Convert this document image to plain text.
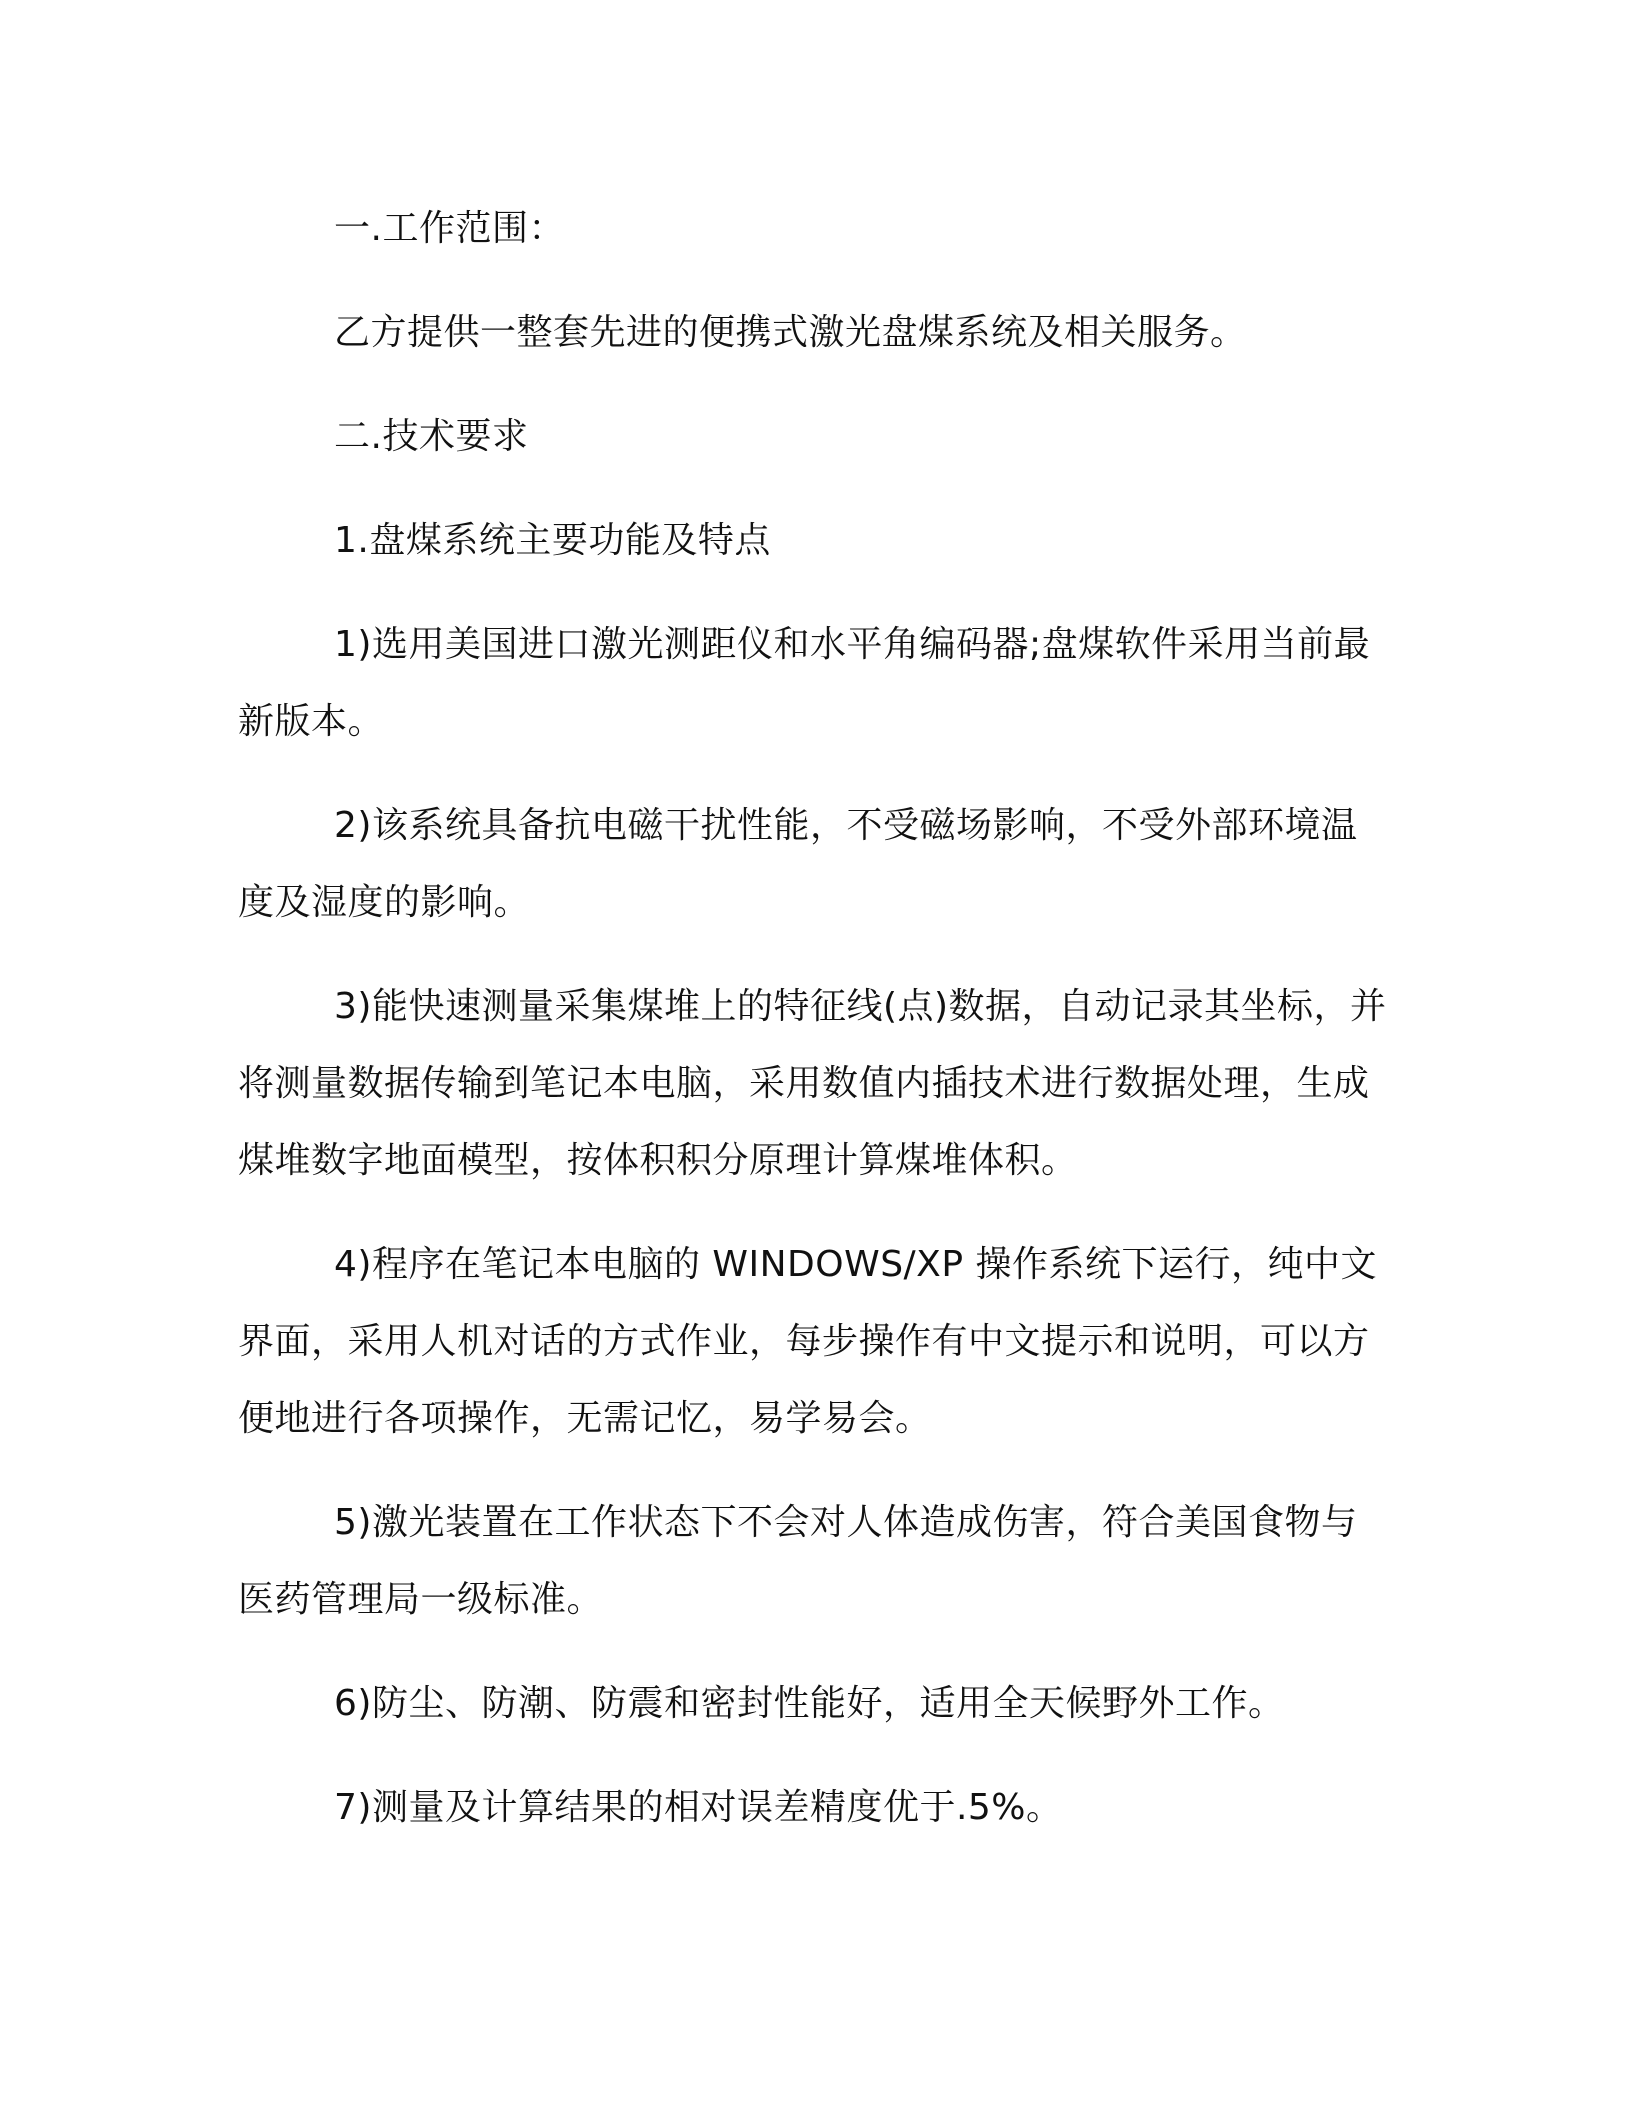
一.工作范围：

乙方提供一整套先进的便携式激光盘煤系统及相关服务。

二.技术要求

1.盘煤系统主要功能及特点

1)选用美国进口激光测距仪和水平角编码器;盘煤软件采用当前最新版本。

2)该系统具备抗电磁干扰性能，不受磁场影响，不受外部环境温度及湿度的影响。

3)能快速测量采集煤堆上的特征线(点)数据，自动记录其坐标，并将测量数据传输到笔记本电脑，采用数值内插技术进行数据处理，生成煤堆数字地面模型，按体积积分原理计算煤堆体积。

4)程序在笔记本电脑的 WINDOWS/XP 操作系统下运行，纯中文界面，采用人机对话的方式作业，每步操作有中文提示和说明，可以方便地进行各项操作，无需记忆，易学易会。

5)激光装置在工作状态下不会对人体造成伤害，符合美国食物与医药管理局一级标准。

6)防尘、防潮、防震和密封性能好，适用全天候野外工作。

7)测量及计算结果的相对误差精度优于.5%。
